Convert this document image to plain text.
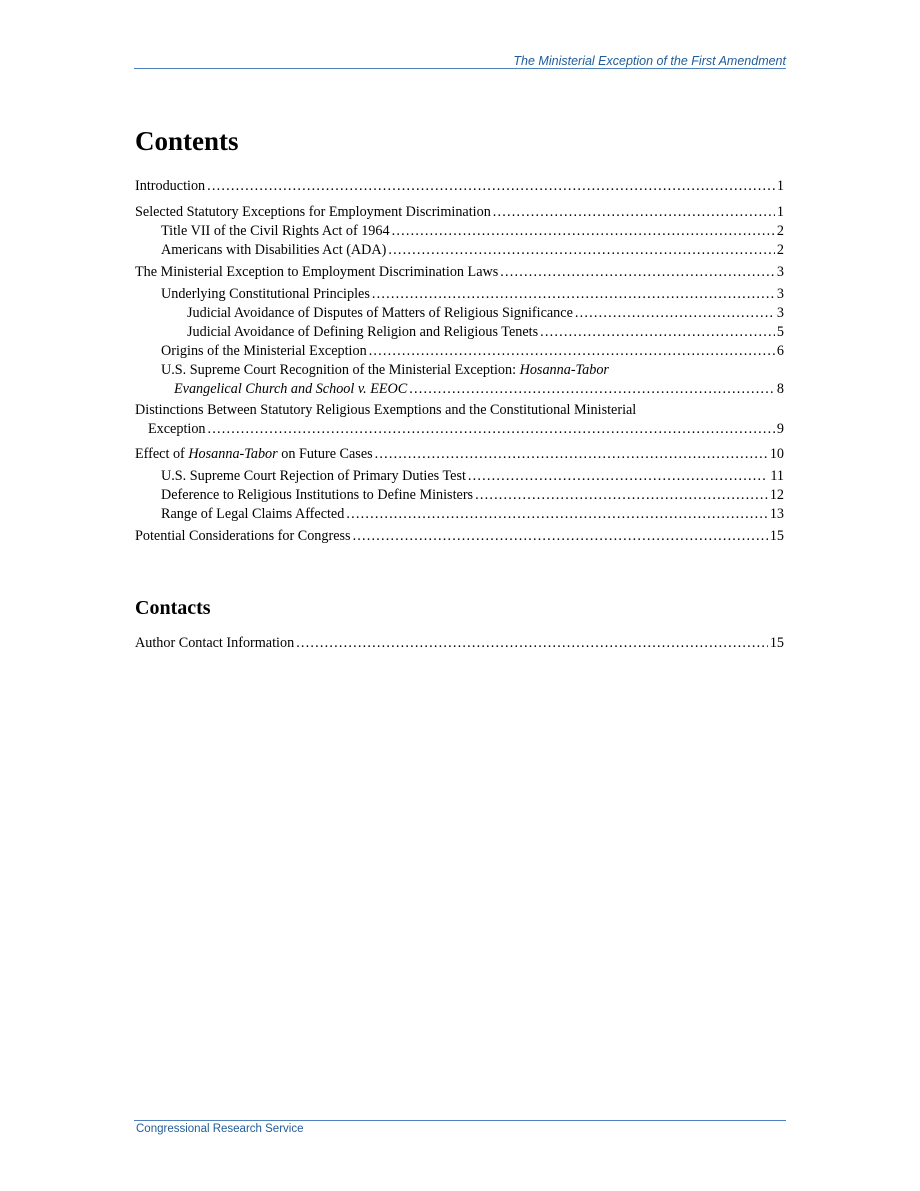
The Ministerial Exception of the First Amendment
Contents
Introduction .....	1
Selected Statutory Exceptions for Employment Discrimination .....	1
Title VII of the Civil Rights Act of 1964 .....	2
Americans with Disabilities Act (ADA) .....	2
The Ministerial Exception to Employment Discrimination Laws .....	3
Underlying Constitutional Principles .....	3
Judicial Avoidance of Disputes of Matters of Religious Significance .....	3
Judicial Avoidance of Defining Religion and Religious Tenets .....	5
Origins of the Ministerial Exception .....	6
U.S. Supreme Court Recognition of the Ministerial Exception: Hosanna-Tabor
Evangelical Church and School v. EEOC .....	8
Distinctions Between Statutory Religious Exemptions and the Constitutional Ministerial
Exception .....	9
Effect of Hosanna-Tabor on Future Cases .....	10
U.S. Supreme Court Rejection of Primary Duties Test .....	11
Deference to Religious Institutions to Define Ministers .....	12
Range of Legal Claims Affected .....	13
Potential Considerations for Congress .....	15
Contacts
Author Contact Information .....	15
Congressional Research Service
